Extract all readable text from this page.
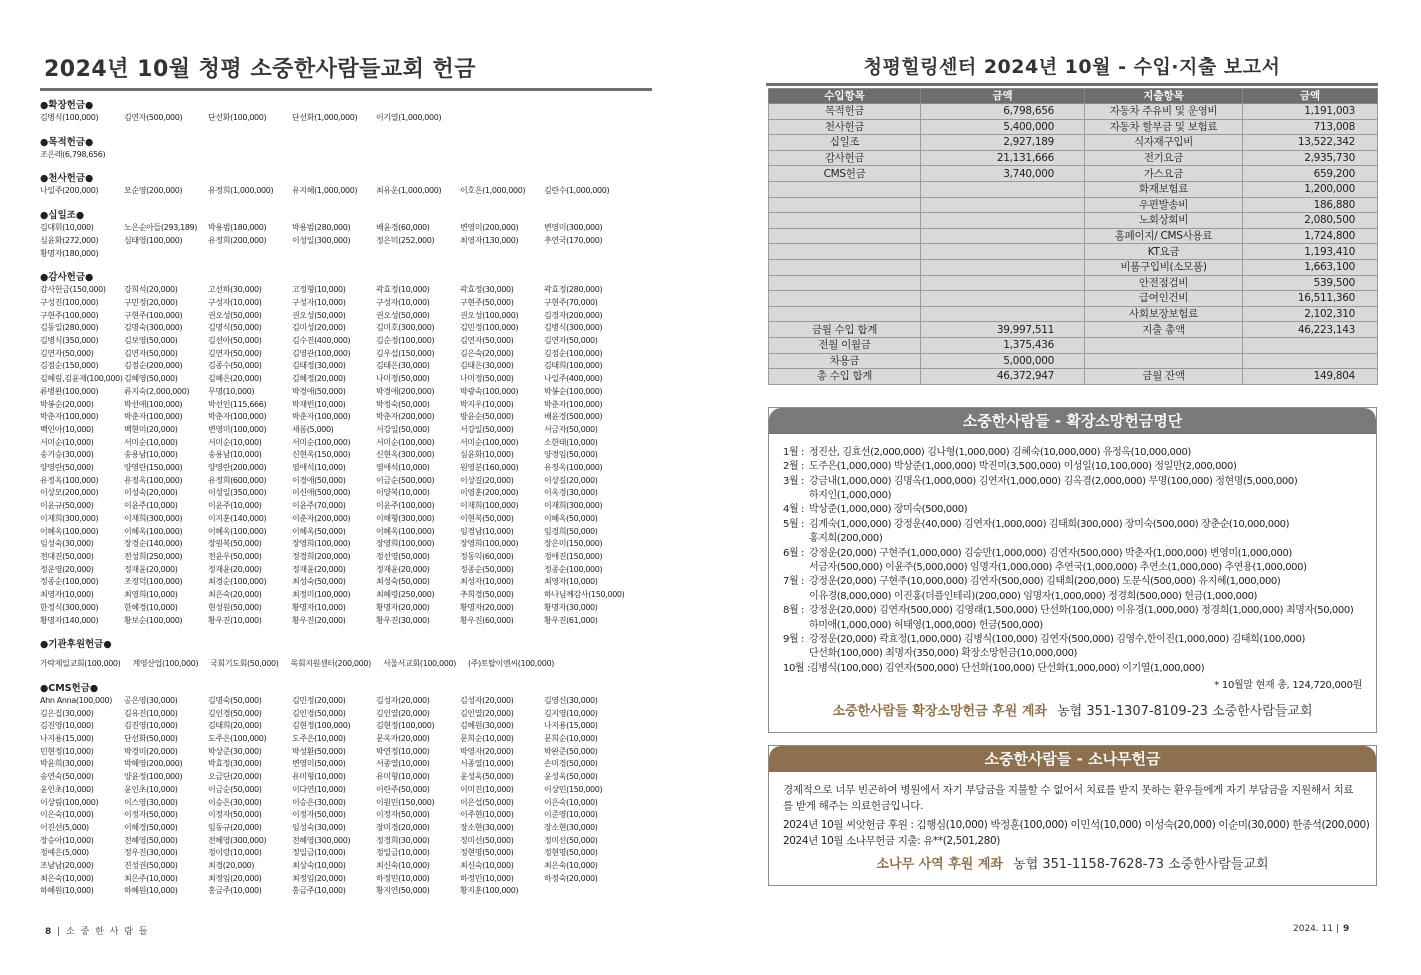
2024년 10월 청평 소중한사람들교회 헌금
●확장헌금●
김병식(100,000)	김연자(500,000)	단선화(100,000)	단선화(1,000,000)	이기열(1,000,000)
●목적헌금●
조은래(6,798,656)
●천사헌금●
나일주(200,000)	모순영(200,000)	유정희(1,000,000)	유지혜(1,000,000)	최유운(1,000,000)	이호은(1,000,000)	김란수(1,000,000)
●십일조●
김대휘(10,000)	노은순아들(293,189)	박용범(180,000)	박용범(280,000)	배윤경(60,000)	변영미(200,000)	변영미(300,000)
심윤화(272,000)	심태영(100,000)	유정희(200,000)	이성일(300,000)	정은미(252,000)	최영자(130,000)	추연국(170,000)
황명자(180,000)
●감사헌금●
감사헌금(150,000)	강희석(20,000)	고선하(30,000)	고정형(10,000)	곽효정(10,000)	곽효정(30,000)	곽효정(280,000)
구성진(100,000)	구민정(20,000)	구성자(10,000)	구성자(10,000)	구성자(10,000)	구현주(50,000)	구현주(70,000)
구현주(100,000)	구현주(100,000)	권오성(50,000)	권오성(50,000)	권오성(50,000)	권오성(100,000)	김경자(200,000)
김동일(280,000)	김명숙(300,000)	김명식(50,000)	김미성(20,000)	김미호(300,000)	김민정(100,000)	김병식(300,000)
김병식(350,000)	김보영(50,000)	김선아(50,000)	김수진(400,000)	김순정(100,000)	김연자(50,000)	김연자(50,000)
김연자(50,000)	김연자(50,000)	김연자(50,000)	김영관(100,000)	김우섭(150,000)	김은숙(20,000)	김점순(100,000)
김점순(150,000)	김점순(200,000)	김종수(50,000)	김태정(30,000)	김태은(30,000)	김태은(30,000)	김태희(100,000)
김혜림,김윤재(100,000) 김혜영(50,000)	김혜은(20,000)	김혜정(20,000)	나미정(50,000)	나미정(50,000)	나일주(400,000)
류병완(100,000)	류지숙(2,000,000)	무명(10,000)	박경애(50,000)	박경애(200,000)	박광숙(100,000)	박봉순(100,000)
박봉순(20,000)	박선애(100,000)	박선인(115,666)	박재빈(10,000)	박정숙(50,000)	박지우(10,000)	박춘자(100,000)
박춘자(100,000)	박춘자(100,000)	박춘자(100,000)	박춘자(100,000)	박춘자(200,000)	방윤순(50,000)	배윤경(500,000)
백인아(10,000)	백현미(20,000)	변영미(100,000)	새롬(5,000)	서강일(50,000)	서강일(50,000)	서금자(50,000)
서미순(10,000)	서미순(10,000)	서미순(10,000)	서미순(100,000)	서미순(100,000)	서미순(100,000)	소한태(10,000)
송기승(30,000)	송용남(10,000)	송용남(10,000)	신현옥(150,000)	신현옥(300,000)	심윤화(10,000)	양경임(50,000)
양영란(50,000)	양영란(150,000)	양영란(200,000)	염애석(10,000)	염애석(10,000)	원영분(160,000)	유정옥(100,000)
유정옥(100,000)	유정옥(100,000)	유정희(600,000)	이경애(50,000)	이금순(500,000)	이상길(20,000)	이상길(20,000)
이상모(200,000)	이성숙(20,000)	이성일(350,000)	이신애(500,000)	이양복(10,000)	이영훈(200,000)	이옥경(30,000)
이윤규(50,000)	이윤주(10,000)	이윤주(10,000)	이윤주(70,000)	이윤주(100,000)	이재희(100,000)	이재희(300,000)
이재희(300,000)	이재희(300,000)	이지훈(140,000)	이춘자(200,000)	이해형(300,000)	이현복(50,000)	이혜옥(50,000)
이혜옥(100,000)	이혜옥(100,000)	이혜옥(100,000)	이혜옥(50,000)	이혜옥(100,000)	임경남(10,000)	임경희(50,000)
임성숙(30,000)	장경순(140,000)	장원복(50,000)	장영희(100,000)	장영희(100,000)	장영희(100,000)	장은미(150,000)
전대진(50,000)	전성희(250,000)	전윤우(50,000)	정경희(200,000)	정선영(50,000)	정동익(60,000)	정애진(150,000)
정운영(20,000)	정재윤(20,000)	정재윤(20,000)	정재윤(20,000)	정재윤(20,000)	정종순(50,000)	정종순(100,000)
정종순(100,000)	조정덕(100,000)	최경순(100,000)	최성숙(50,000)	최성숙(50,000)	최성자(10,000)	최영자(10,000)
최영자(10,000)	최영희(10,000)	최은숙(20,000)	최정미(100,000)	최혜령(250,000)	추희경(50,000)	하나님께감사(150,000)
한정식(300,000)	한혜경(10,000)	현성원(50,000)	황명자(10,000)	황명자(20,000)	황명자(20,000)	황명자(30,000)
황명자(140,000)	황보순(100,000)	황우진(10,000)	황우진(20,000)	황우진(30,000)	황우진(60,000)	황우진(61,000)
●기관후원헌금●
가락제일교회(100,000) 계영산업(100,000) 국회기도회(50,000) 목회지원센터(200,000) 서울서교회(100,000) (주)토탈이엔씨(100,000)
●CMS헌금●
Ahn Anna(100,000)	공은영(30,000)	김명숙(50,000)	김민정(20,000)	김성자(20,000)	김성자(20,000)	김영신(30,000)
김은집(30,000)	김유진(10,000)	김인경(50,000)	김인경(50,000)	김인열(20,000)	김인열(20,000)	김지영(10,000)
김진영(10,000)	김진영(10,000)	김태희(20,000)	김현정(100,000)	김현정(100,000)	김혜원(30,000)	나지용(15,000)
나지용(15,000)	단선화(50,000)	도주은(100,000)	도주은(10,000)	문옥자(20,000)	문희순(10,000)	문희순(10,000)
민현정(10,000)	박경미(20,000)	박상준(30,000)	박성환(50,000)	박연정(10,000)	박영자(20,000)	박완준(50,000)
박윤희(30,000)	박혜영(200,000)	박효정(30,000)	변영미(50,000)	서종열(10,000)	서종열(10,000)	손미경(50,000)
송연숙(50,000)	양윤정(100,000)	오금단(20,000)	유미형(10,000)	유미형(10,000)	윤성욱(50,000)	윤성욱(50,000)
윤인초(10,000)	윤인초(10,000)	이금순(50,000)	이다연(10,000)	이란주(50,000)	이미진(10,000)	이상민(150,000)
이상림(100,000)	이스영(30,000)	이승은(30,000)	이승은(30,000)	이원민(150,000)	이은섭(50,000)	이은숙(10,000)
이은숙(10,000)	이정자(50,000)	이정자(50,000)	이정자(50,000)	이정자(50,000)	이주현(10,000)	이준영(10,000)
이진선(5,000)	이혜경(50,000)	임동규(20,000)	임성숙(30,000)	장미경(20,000)	장소현(30,000)	장소현(30,000)
장승아(10,000)	전혜영(50,000)	전혜영(300,000)	전혜영(300,000)	정경희(30,000)	정미선(50,000)	정미선(50,000)
정예은(5,000)	정우진(30,000)	정이랑(10,000)	정일금(10,000)	정일금(10,000)	정현명(50,000)	정현명(50,000)
조남남(20,000)	진성권(50,000)	최경(20,000)	최상숙(10,000)	최신숙(10,000)	최신숙(10,000)	최은숙(10,000)
최은숙(10,000)	최은주(10,000)	최정임(20,000)	최정임(20,000)	하정민(10,000)	하정민(10,000)	하정숙(20,000)
하혜원(10,000)	하혜원(10,000)	홍금주(10,000)	홍금주(10,000)	황지연(50,000)	황지훈(100,000)
청평힐링센터 2024년 10월 - 수입·지출 보고서
수입항목	금액	지출항목	금액
목적헌금	6,798,656	자동차 주유비 및 운영비	1,191,003
천사헌금	5,400,000	자동차 할부금 및 보험료	713,008
십일조	2,927,189	식자재구입비	13,522,342
감사헌금	21,131,666	전기요금	2,935,730
CMS헌금	3,740,000	가스요금	659,200
		화재보험료	1,200,000
		우편발송비	186,880
		노회상회비	2,080,500
		홈페이지/ CMS사용료	1,724,800
		KT요금	1,193,410
		비품구입비(소모품)	1,663,100
		안전점검비	539,500
		급여인건비	16,511,360
		사회보장보험료	2,102,310
금월 수입 합계	39,997,511	지출 총액	46,223,143
전월 이월금	1,375,436		
차용금	5,000,000		
총 수입 합계	46,372,947	금월 잔액	149,804
소중한사람들 - 확장소망헌금명단
1월 : 정진산, 김효선(2,000,000) 김나형(1,000,000) 김혜숙(10,000,000) 유정옥(10,000,000)
2월 : 도주은(1,000,000) 박상준(1,000,000) 박진미(3,500,000) 이성일(10,100,000) 정일만(2,000,000)
3월 : 강금내(1,000,000) 김명옥(1,000,000) 김연자(1,000,000) 김옥겸(2,000,000) 무명(100,000) 정현명(5,000,000)
하지인(1,000,000)
4월 : 박상준(1,000,000) 장미숙(500,000)
5월 : 김계숙(1,000,000) 강정운(40,000) 김연자(1,000,000) 김태희(300,000) 장미숙(500,000) 장춘순(10,000,000)
홍지희(200,000)
6월 : 강정운(20,000) 구현주(1,000,000) 김승만(1,000,000) 김연자(500,000) 박춘자(1,000,000) 변영미(1,000,000)
서금자(500,000) 이윤주(5,000,000) 임명자(1,000,000) 추연국(1,000,000) 추연소(1,000,000) 추연용(1,000,000)
7월 : 강정운(20,000) 구현주(10,000,000) 김연자(500,000) 김태희(200,000) 도문식(500,000) 유지혜(1,000,000)
이유경(8,000,000) 이진홍(더플인테리)(200,000) 임명자(1,000,000) 정경희(500,000) 헌금(1,000,000)
8월 : 강정운(20,000) 김연자(500,000) 김영래(1,500,000) 단선화(100,000) 이유경(1,000,000) 정경희(1,000,000) 최명자(50,000)
하미애(1,000,000) 허태영(1,000,000) 헌금(500,000)
9월 : 강정운(20,000) 곽효정(1,000,000) 김병식(100,000) 김연자(500,000) 김영수,한이진(1,000,000) 김태희(100,000)
단선화(100,000) 최명자(350,000) 확장소망헌금(10,000,000)
10월 : 김병식(100,000) 김연자(500,000) 단선화(100,000) 단선화(1,000,000) 이기열(1,000,000)
* 10월말 현재 총, 124,720,000원
소중한사람들 확장소망헌금 후원 계좌 농협 351-1307-8109-23 소중한사람들교회
소중한사람들 - 소나무헌금
경제적으로 너무 빈곤하여 병원에서 자기 부담금을 지불할 수 없어서 치료를 받지 못하는 환우들에게 자기 부담금을 지원해서 치료를 받게 해주는 의료헌금입니다.
2024년 10월 씨앗헌금 후원 : 김행심(10,000) 박정훈(100,000) 이민석(10,000) 이성숙(20,000) 이순미(30,000) 한종석(200,000)
2024년 10월 소나무헌금 지출: 유**(2,501,280)
소나무 사역 후원 계좌 농협 351-1158-7628-73 소중한사람들교회
8 | 소 중 한 사 람 들	2024. 11 | 9
